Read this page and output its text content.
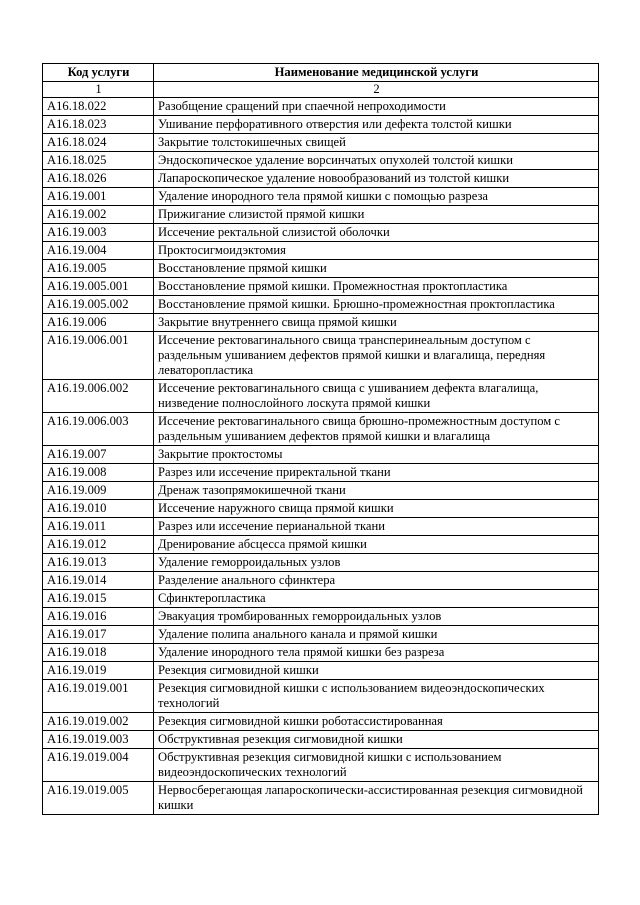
Код услуги	Наименование медицинской услуги
1	2
A16.18.022	Разобщение сращений при спаечной непроходимости
A16.18.023	Ушивание перфоративного отверстия или дефекта толстой кишки
A16.18.024	Закрытие толстокишечных свищей
A16.18.025	Эндоскопическое удаление ворсинчатых опухолей толстой кишки
A16.18.026	Лапароскопическое удаление новообразований из толстой кишки
A16.19.001	Удаление инородного тела прямой кишки с помощью разреза
A16.19.002	Прижигание слизистой прямой кишки
A16.19.003	Иссечение ректальной слизистой оболочки
A16.19.004	Проктосигмоидэктомия
A16.19.005	Восстановление прямой кишки
A16.19.005.001	Восстановление прямой кишки. Промежностная проктопластика
A16.19.005.002	Восстановление прямой кишки. Брюшно-промежностная проктопластика
A16.19.006	Закрытие внутреннего свища прямой кишки
A16.19.006.001	Иссечение ректовагинального свища трансперинеальным доступом с раздельным ушиванием дефектов прямой кишки и влагалища, передняя леваторопластика
A16.19.006.002	Иссечение ректовагинального свища с ушиванием дефекта влагалища, низведение полнослойного лоскута прямой кишки
A16.19.006.003	Иссечение ректовагинального свища брюшно-промежностным доступом с раздельным ушиванием дефектов прямой кишки и влагалища
A16.19.007	Закрытие проктостомы
A16.19.008	Разрез или иссечение приректальной ткани
A16.19.009	Дренаж тазопрямокишечной ткани
A16.19.010	Иссечение наружного свища прямой кишки
A16.19.011	Разрез или иссечение перианальной ткани
A16.19.012	Дренирование абсцесса прямой кишки
A16.19.013	Удаление геморроидальных узлов
A16.19.014	Разделение анального сфинктера
A16.19.015	Сфинктеропластика
A16.19.016	Эвакуация тромбированных геморроидальных узлов
A16.19.017	Удаление полипа анального канала и прямой кишки
A16.19.018	Удаление инородного тела прямой кишки без разреза
A16.19.019	Резекция сигмовидной кишки
A16.19.019.001	Резекция сигмовидной кишки с использованием видеоэндоскопических технологий
A16.19.019.002	Резекция сигмовидной кишки роботассистированная
A16.19.019.003	Обструктивная резекция сигмовидной кишки
A16.19.019.004	Обструктивная резекция сигмовидной кишки с использованием видеоэндоскопических технологий
A16.19.019.005	Нервосберегающая лапароскопически-ассистированная резекция сигмовидной кишки
